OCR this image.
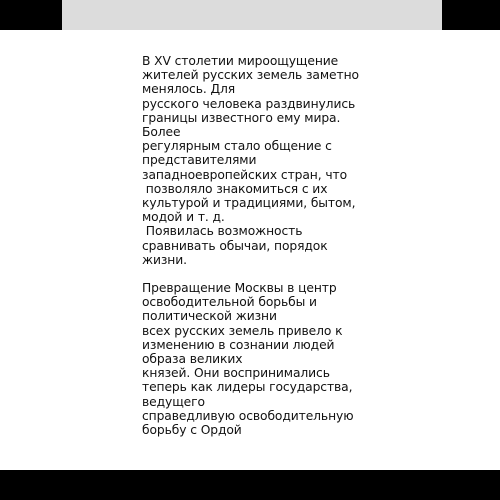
В XV столетии мироощущение
жителей русских земель заметно
менялось. Для
русского человека раздвинулись
границы известного ему мира.
Более
регулярным стало общение с
представителями
западноевропейских стран, что
позволяло знакомиться с их
культурой и традициями, бытом,
модой и т. д.
Появилась возможность
сравнивать обычаи, порядок
жизни.
Превращение Москвы в центр
освободительной борьбы и
политической жизни
всех русских земель привело к
изменению в сознании людей
образа великих
князей. Они воспринимались
теперь как лидеры государства,
ведущего
справедливую освободительную
борьбу с Ордой
